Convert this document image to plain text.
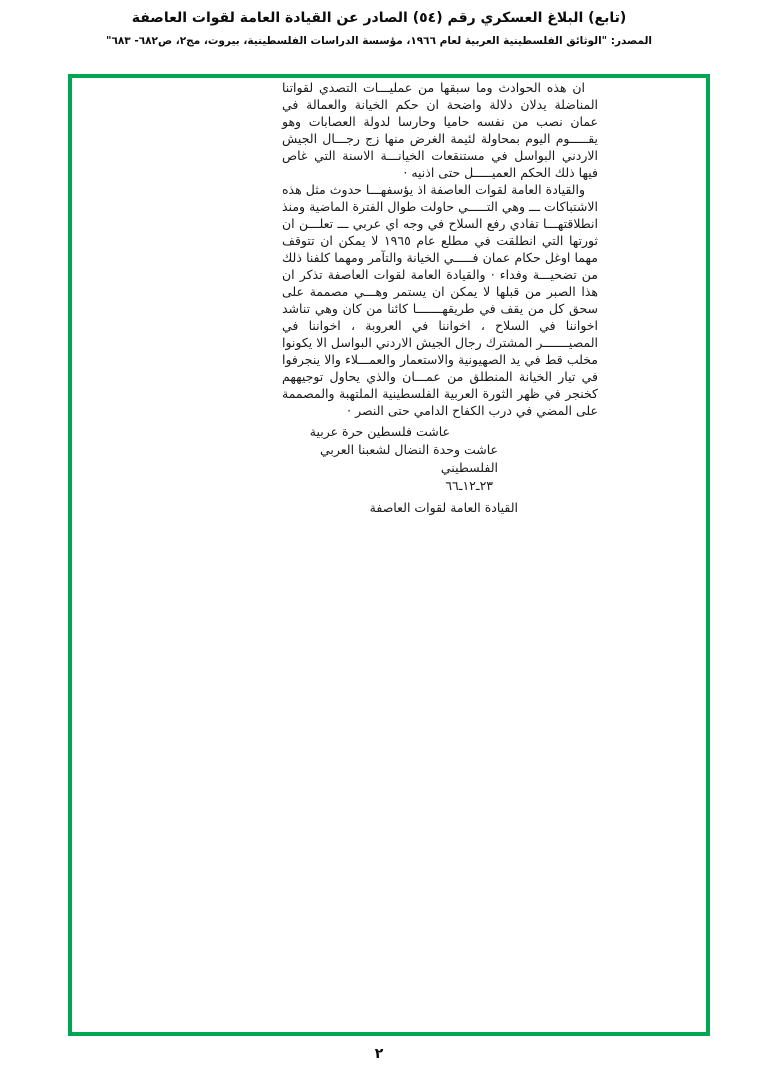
(تابع) البلاغ العسكري رقم (٥٤) الصادر عن القيادة العامة لقوات العاصفة
المصدر: "الوثائق الفلسطينية العربية لعام ١٩٦٦، مؤسسة الدراسات الفلسطينية، بيروت، مج٢، ص٦٨٢- ٦٨٣"

ان هذه الحوادث وما سبقها من عمليـــات التصدي لقواتنا المناضلة يدلان دلالة واضحة ان حكم الخيانة والعمالة في عمان نصب من نفسه حاميا وحارسا لدولة العصابات وهو يقـــــوم اليوم بمحاولة لئيمة الغرض منها زج رجـــال الجيش الاردني البواسل في مستنقعات الخيانـــة الاسنة التي غاص فيها ذلك الحكم العميـــــل حتى اذنيه ·

والقيادة العامة لقوات العاصفة اذ يؤسفهـــا حدوث مثل هذه الاشتباكات ـــ وهي التـــــي حاولت طوال الفترة الماضية ومنذ انطلاقتهـــا تفادي رفع السلاح في وجه اي عربي ـــ تعلـــن ان ثورتها التي انطلقت في مطلع عام ١٩٦٥ لا يمكن ان تتوقف مهما اوغل حكام عمان فـــــي الخيانة والتآمر ومهما كلفنا ذلك من تضحيـــة وفداء · والقيادة العامة لقوات العاصفة تذكر ان هذا الصبر من قبلها لا يمكن ان يستمر وهـــي مصممة على سحق كل من يقف في طريقهـــــــا كائنا من كان وهي تناشد اخواننا في السلاح ، اخواننا في العروبة ، اخواننا في المصيـــــــر المشترك رجال الجيش الاردني البواسل الا يكونوا مخلب قط في يد الصهيونية والاستعمار والعمـــلاء والا ينجرفوا في تيار الخيانة المنطلق من عمـــان والذي يحاول توجيههم كخنجر في ظهر الثورة العربية الفلسطينية الملتهبة والمصممة على المضي في درب الكفاح الدامي حتى النصر ·

عاشت فلسطين حرة عربية
عاشت وحدة النضال لشعبنا العربي الفلسطيني
٢٣ـ١٢ـ٦٦
القيادة العامة لقوات العاصفة
٢
